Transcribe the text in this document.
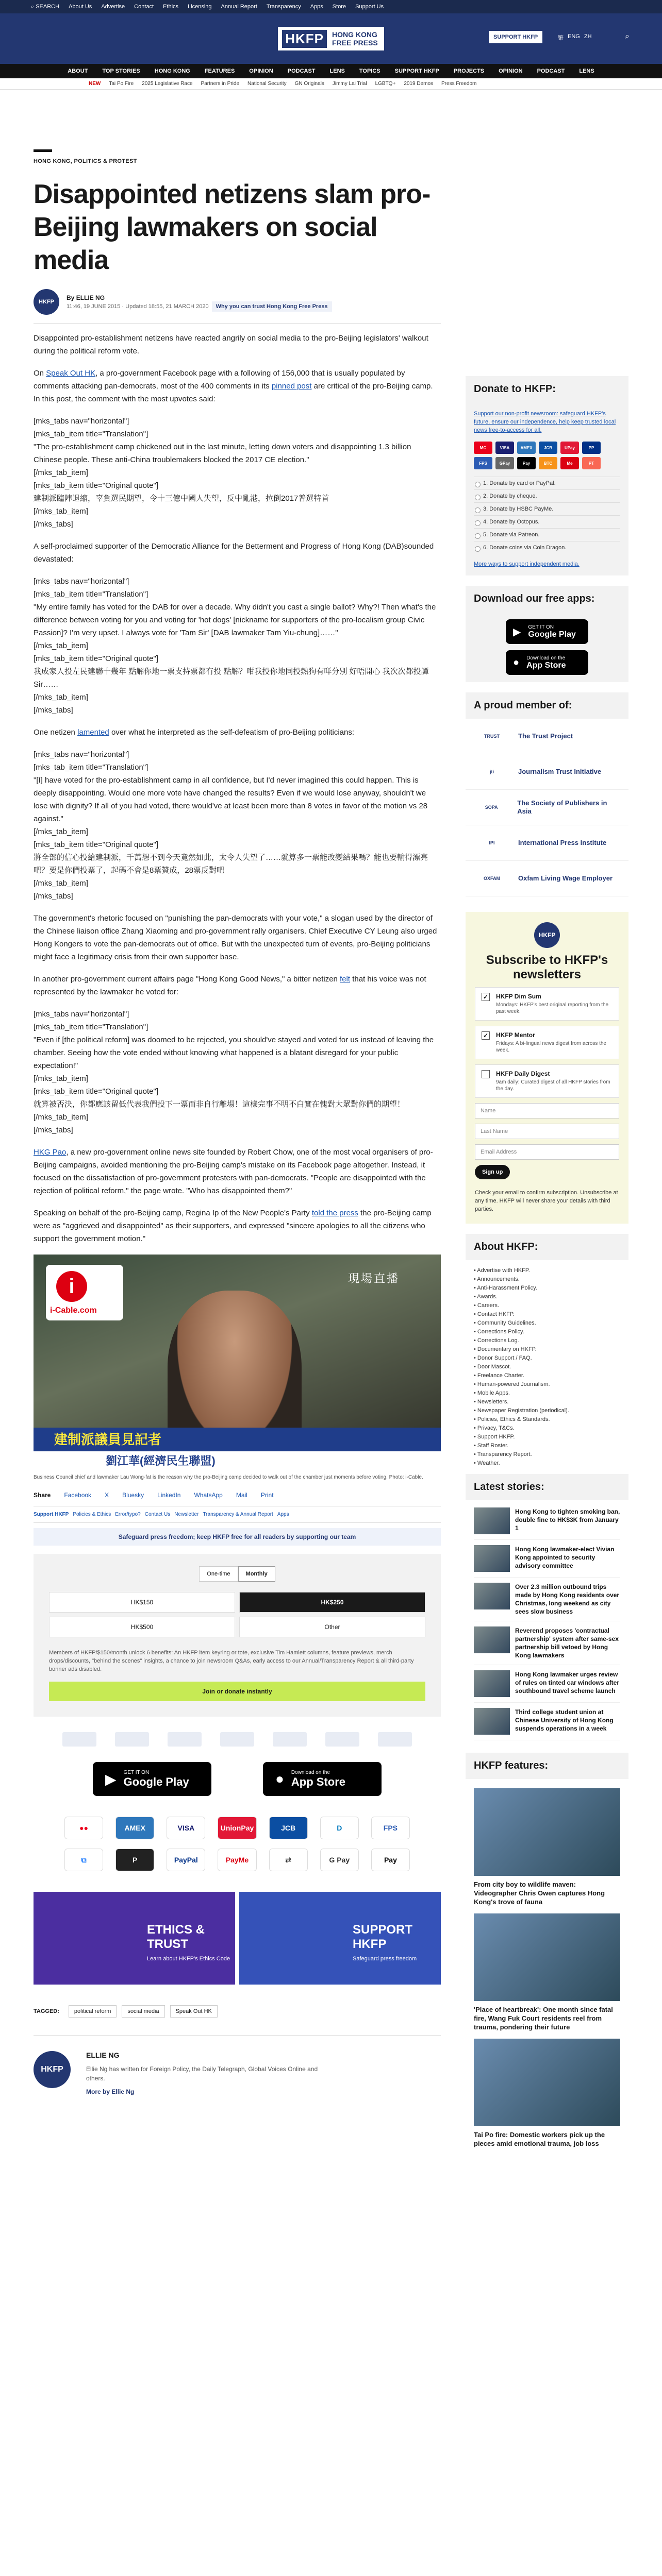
⌕ SEARCH About Us Advertise Contact Ethics Licensing Annual Report Transparency Apps Store Support Us
HKFP	HONG KONG
FREE PRESS
SUPPORT HKFP	繁 ENG ZH	⌕
ABOUT	TOP STORIES	HONG KONG	FEATURES	OPINION	PODCAST	LENS	TOPICS	SUPPORT HKFP	PROJECTS	OPINION	PODCAST	LENS
NEW Tai Po Fire 2025 Legislative Race Partners in Pride National Security GN Originals Jimmy Lai Trial LGBTQ+ 2019 Demos Press Freedom
HONG KONG, POLITICS & PROTEST
Disappointed netizens slam pro-Beijing lawmakers on social media
HKFP
By ELLIE NG
11:46, 19 JUNE 2015 · Updated 18:55, 21 MARCH 2020 Why you can trust Hong Kong Free Press

Disappointed pro-establishment netizens have reacted angrily on social media to the pro-Beijing legislators' walkout during the political reform vote.

On Speak Out HK, a pro-government Facebook page with a following of 156,000 that is usually populated by comments attacking pan-democrats, most of the 400 comments in its pinned post are critical of the pro-Beijing camp. In this post, the comment with the most upvotes said:

[mks_tabs nav="horizontal"]
[mks_tab_item title="Translation"]
"The pro-establishment camp chickened out in the last minute, letting down voters and disappointing 1.3 billion Chinese people. These anti-China troublemakers blocked the 2017 CE election."
[/mks_tab_item]
[mks_tab_item title="Original quote"]
建制派臨陣退縮，辜負選民期望，令十三億中國人失望，反中亂港，拉倒2017普選特首
[/mks_tab_item]
[/mks_tabs]

A self-proclaimed supporter of the Democratic Alliance for the Betterment and Progress of Hong Kong (DAB)sounded devastated:

[mks_tabs nav="horizontal"]
[mks_tab_item title="Translation"]
"My entire family has voted for the DAB for over a decade. Why didn't you cast a single ballot? Why?! Then what's the difference between voting for you and voting for 'hot dogs' [nickname for supporters of the pro-localism group Civic Passion]? I'm very upset. I always vote for 'Tam Sir' [DAB lawmaker Tam Yiu-chung]……"
[/mks_tab_item]
[mks_tab_item title="Original quote"]
我成家人投左民建聯十幾年 點解你地一票支持票都冇投 點解？咁我投你地同投熱狗有咩分別 好唔開心 我次次都投譚Sir……
[/mks_tab_item]
[/mks_tabs]

One netizen lamented over what he interpreted as the self-defeatism of pro-Beijing politicians:

[mks_tabs nav="horizontal"]
[mks_tab_item title="Translation"]
"[I] have voted for the pro-establishment camp in all confidence, but I'd never imagined this could happen. This is deeply disappointing. Would one more vote have changed the results? Even if we would lose anyway, shouldn't we lose with dignity? If all of you had voted, there would've at least been more than 8 votes in favor of the motion vs 28 against."
[/mks_tab_item]
[mks_tab_item title="Original quote"]
將全部的信心投給建制派，千萬想不到今天竟然如此，太令人失望了……就算多一票能改變結果嗎？能也要輸得漂亮吧？要是你們投票了，起碼不會是8票贊成，28票反對吧
[/mks_tab_item]
[/mks_tabs]

The government's rhetoric focused on "punishing the pan-democrats with your vote," a slogan used by the director of the Chinese liaison office Zhang Xiaoming and pro-government rally organisers. Chief Executive CY Leung also urged Hong Kongers to vote the pan-democrats out of office. But with the unexpected turn of events, pro-Beijing politicians might face a legitimacy crisis from their own supporter base.

In another pro-government current affairs page "Hong Kong Good News," a bitter netizen felt that his voice was not represented by the lawmaker he voted for:

[mks_tabs nav="horizontal"]
[mks_tab_item title="Translation"]
"Even if [the political reform] was doomed to be rejected, you should've stayed and voted for us instead of leaving the chamber. Seeing how the vote ended without knowing what happened is a blatant disregard for your public expectation!"
[/mks_tab_item]
[mks_tab_item title="Original quote"]
就算被否決，你都應該留低代表我們投下一票而非自行離場！這樣完事不明不白實在愧對大眾對你們的期望！
[/mks_tab_item]
[/mks_tabs]

HKG Pao, a new pro-government online news site founded by Robert Chow, one of the most vocal organisers of pro-Beijing campaigns, avoided mentioning the pro-Beijing camp's mistake on its Facebook page altogether. Instead, it focused on the dissatisfaction of pro-government protesters with pan-democrats. "People are disappointed with the rejection of political reform," the page wrote. "Who has disappointed them?"

Speaking on behalf of the pro-Beijing camp, Regina Ip of the New People's Party told the press the pro-Beijing camp were as "aggrieved and disappointed" as their supporters, and expressed "sincere apologies to all the citizens who support the government motion."

i
i-Cable.com
現場直播
建制派議員見記者
劉江華(經濟民生聯盟)
Business Council chief and lawmaker Lau Wong-fat is the reason why the pro-Beijing camp decided to walk out of the chamber just moments before voting. Photo: i-Cable.
Share Facebook X Bluesky LinkedIn WhatsApp Mail Print
Support HKFP Policies & Ethics Error/typo? Contact Us Newsletter Transparency & Annual Report Apps
Safeguard press freedom; keep HKFP free for all readers by supporting our team
One-time	Monthly
HK$150	HK$250
HK$500	Other
Members of HKFP/$150/month unlock 6 benefits: An HKFP item keyring or tote, exclusive Tim Hamlett columns, feature previews, merch drops/discounts, "behind the scenes" insights, a chance to join newsroom Q&As, early access to our Annual/Transparency Report & all third-party bonner ads disabled.
Join or donate instantly
▶ GET IT ON
Google Play	● Download on the
App Store
●●	AMEX	VISA	UnionPay	JCB	D	FPS
⧉	P	PayPal	PayMe	⇄	G Pay	Pay
ETHICS & TRUST
Learn about HKFP's Ethics Code
SUPPORT HKFP
Safeguard press freedom
TAGGED:	political reform	social media	Speak Out HK
HKFP
ELLIE NG
Ellie Ng has written for Foreign Policy, the Daily Telegraph, Global Voices Online and others.
More by Ellie Ng
Donate to HKFP:
Support our non-profit newsroom: safeguard HKFP's future, ensure our independence, help keep trusted local news free-to-access for all.
MC	VISA	AMEX	JCB	UPay	PP
FPS	GPay	Pay	BTC	Me	PT
1. Donate by card or PayPal.
2. Donate by cheque.
3. Donate by HSBC PayMe.
4. Donate by Octopus.
5. Donate via Patreon.
6. Donate coins via Coin Dragon.
More ways to support independent media.
Download our free apps:
▶ GET IT ON
Google Play
● Download on the
App Store
A proud member of:
TRUST	The Trust Project
jti	Journalism Trust Initiative
SOPA
The Society of Publishers in Asia
IPI	International Press Institute
OXFAM	Oxfam Living Wage Employer
HKFP
Subscribe to HKFP's newsletters
✓ HKFP Dim Sum
Mondays: HKFP's best original reporting from the past week.
✓ HKFP Mentor
Fridays: A bi-lingual news digest from across the week.
HKFP Daily Digest
9am daily: Curated digest of all HKFP stories from the day.
Name
Last Name
Email Address
Sign up
Check your email to confirm subscription. Unsubscribe at any time. HKFP will never share your details with third parties.
About HKFP:
• Advertise with HKFP.
• Announcements.
• Anti-Harassment Policy.
• Awards.
• Careers.
• Contact HKFP.
• Community Guidelines.
• Corrections Policy.
• Corrections Log.
• Documentary on HKFP.
• Donor Support / FAQ.
• Door Mascot.
• Freelance Charter.
• Human-powered Journalism.
• Mobile Apps.
• Newsletters.
• Newspaper Registration (periodical).
• Policies, Ethics & Standards.
• Privacy, T&Cs.
• Support HKFP.
• Staff Roster.
• Transparency Report.
• Weather.
Latest stories:
Hong Kong to tighten smoking ban, double fine to HK$3K from January 1
Hong Kong lawmaker-elect Vivian Kong appointed to security advisory committee
Over 2.3 million outbound trips made by Hong Kong residents over Christmas, long weekend as city sees slow business
Reverend proposes 'contractual partnership' system after same-sex partnership bill vetoed by Hong Kong lawmakers
Hong Kong lawmaker urges review of rules on tinted car windows after southbound travel scheme launch
Third college student union at Chinese University of Hong Kong suspends operations in a week
HKFP features:
From city boy to wildlife maven: Videographer Chris Owen captures Hong Kong's trove of fauna
'Place of heartbreak': One month since fatal fire, Wang Fuk Court residents reel from trauma, pondering their future
Tai Po fire: Domestic workers pick up the pieces amid emotional trauma, job loss
